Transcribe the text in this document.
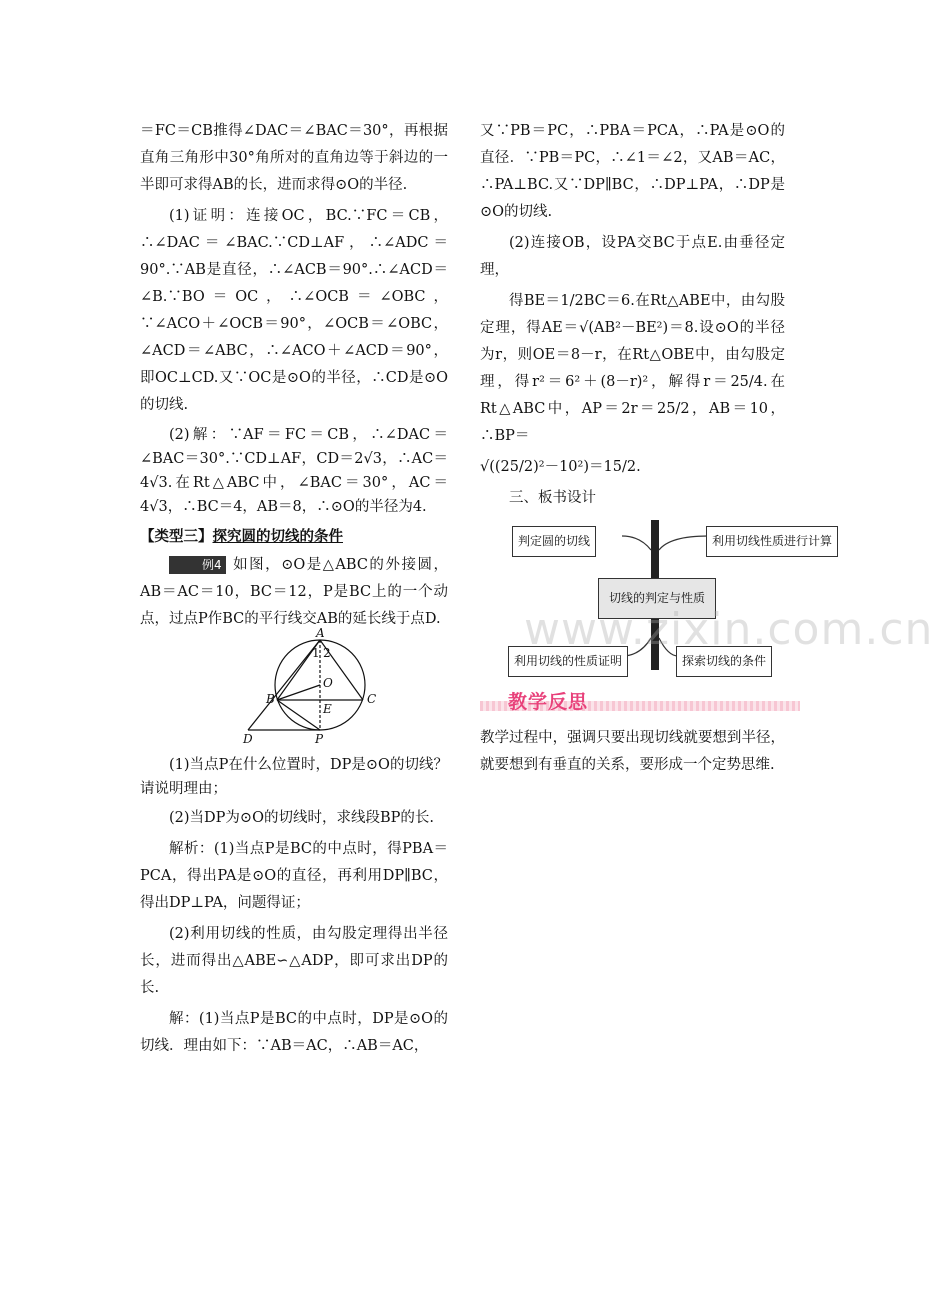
＝FC＝CB推得∠DAC＝∠BAC＝30°，再根据直角三角形中30°角所对的直角边等于斜边的一半即可求得AB的长，进而求得⊙O的半径.

(1)证明：连接OC，BC.∵FC＝CB，∴∠DAC＝∠BAC.∵CD⊥AF，∴∠ADC＝90°.∵AB是直径，∴∠ACB＝90°.∴∠ACD＝∠B.∵BO＝OC，∴∠OCB＝∠OBC，∵∠ACO＋∠OCB＝90°，∠OCB＝∠OBC，∠ACD＝∠ABC，∴∠ACO＋∠ACD＝90°，即OC⊥CD.又∵OC是⊙O的半径，∴CD是⊙O的切线.

(2)解：∵AF＝FC＝CB，∴∠DAC＝∠BAC＝30°.∵CD⊥AF，CD＝2√3，∴AC＝4√3.在Rt△ABC中，∠BAC＝30°，AC＝4√3，∴BC＝4，AB＝8，∴⊙O的半径为4.

【类型三】探究圆的切线的条件

例4 如图，⊙O是△ABC的外接圆，AB＝AC＝10，BC＝12，P是BC上的一个动点，过点P作BC的平行线交AB的延长线于点D.

A
1 2
O
E
B	C
D	P

(1)当点P在什么位置时，DP是⊙O的切线？请说明理由；

(2)当DP为⊙O的切线时，求线段BP的长.

解析：(1)当点P是BC的中点时，得PBA＝PCA，得出PA是⊙O的直径，再利用DP∥BC，得出DP⊥PA，问题得证；

(2)利用切线的性质，由勾股定理得出半径长，进而得出△ABE∽△ADP，即可求出DP的长.

解：(1)当点P是BC的中点时，DP是⊙O的切线．理由如下：∵AB＝AC，∴AB＝AC，

又∵PB＝PC，∴PBA＝PCA，∴PA是⊙O的直径．∵PB＝PC，∴∠1＝∠2，又AB＝AC，∴PA⊥BC.又∵DP∥BC，∴DP⊥PA，∴DP是⊙O的切线.

(2)连接OB，设PA交BC于点E.由垂径定理，

得BE＝1/2BC＝6.在Rt△ABE中，由勾股定理，得AE＝√(AB²－BE²)＝8.设⊙O的半径为r，则OE＝8－r，在Rt△OBE中，由勾股定理，得r²＝6²＋(8－r)²，解得r＝25/4.在Rt△ABC中，AP＝2r＝25/2，AB＝10，∴BP＝

√((25/2)²－10²)＝15/2.

三、板书设计

判定圆的切线	利用切线性质进行计算
切线的判定与性质
利用切线的性质证明	探索切线的条件
教学反思

教学过程中，强调只要出现切线就要想到半径，就要想到有垂直的关系，要形成一个定势思维.

www.zixin.com.cn
